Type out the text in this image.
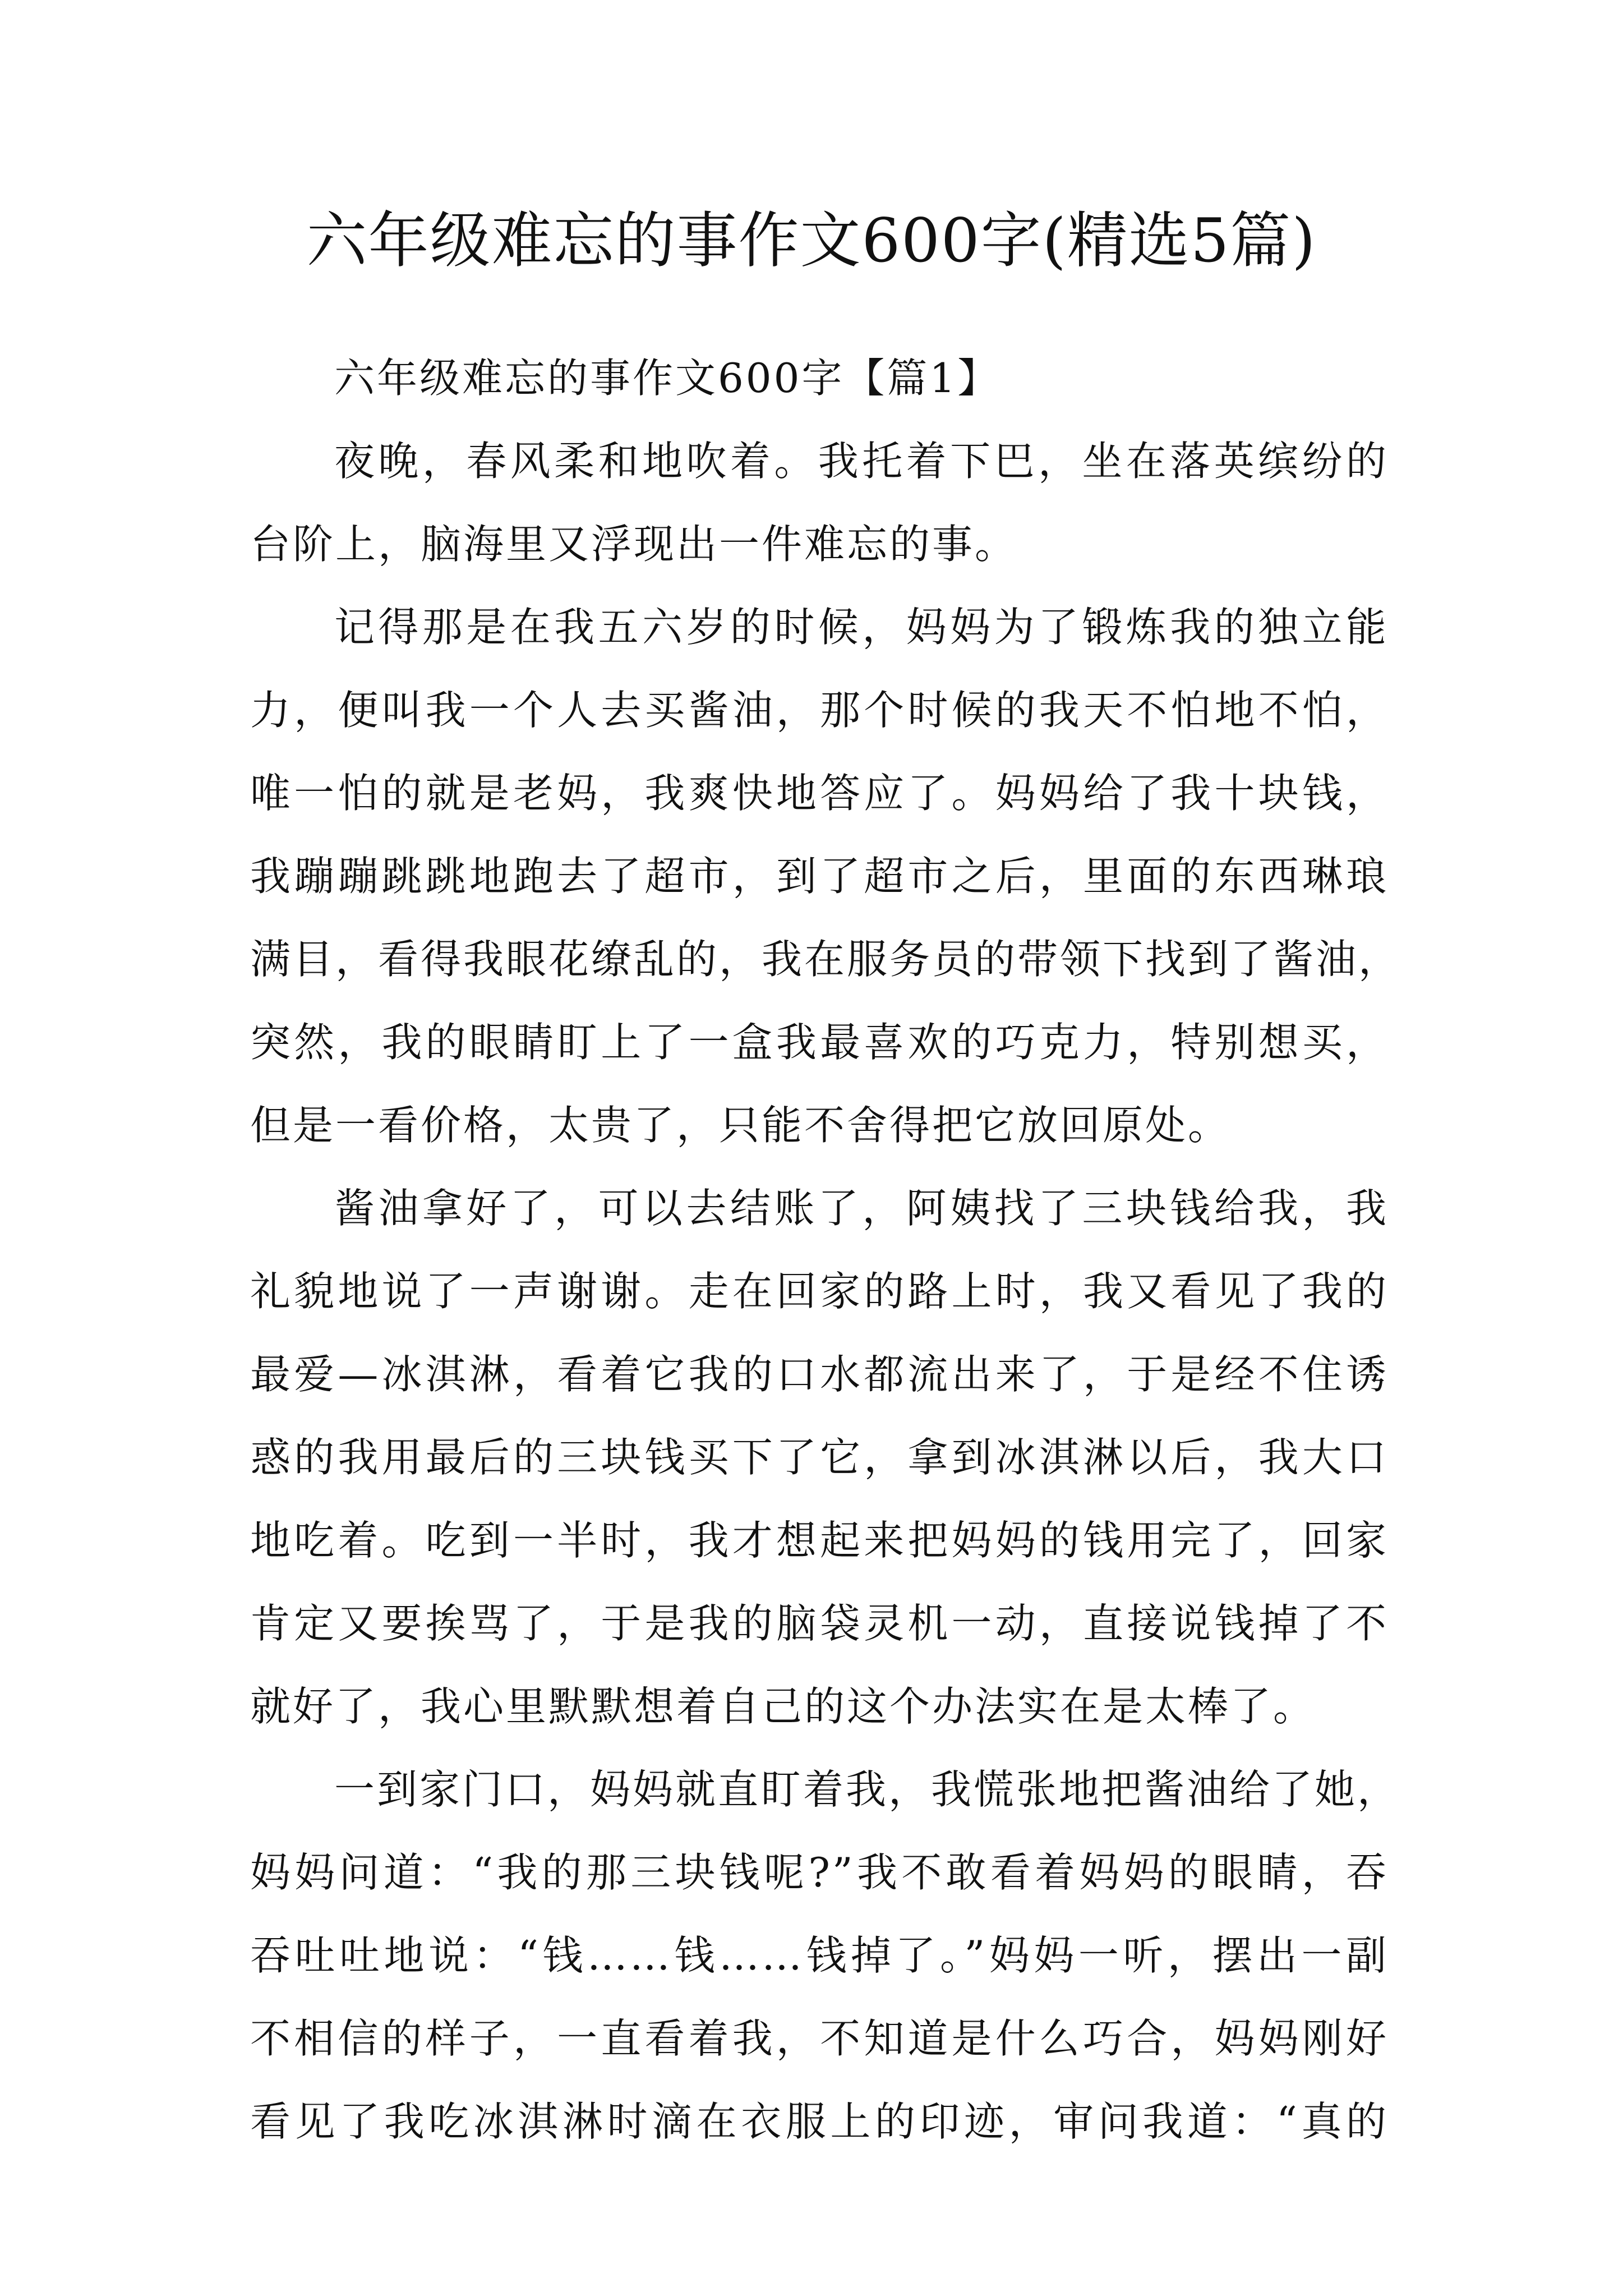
六年级难忘的事作文600字(精选5篇)

六年级难忘的事作文600字【篇1】

夜晚，春风柔和地吹着。我托着下巴，坐在落英缤纷的

台阶上，脑海里又浮现出一件难忘的事。

记得那是在我五六岁的时候，妈妈为了锻炼我的独立能

力，便叫我一个人去买酱油，那个时候的我天不怕地不怕，

唯一怕的就是老妈，我爽快地答应了。妈妈给了我十块钱，

我蹦蹦跳跳地跑去了超市，到了超市之后，里面的东西琳琅

满目，看得我眼花缭乱的，我在服务员的带领下找到了酱油，

突然，我的眼睛盯上了一盒我最喜欢的巧克力，特别想买，

但是一看价格，太贵了，只能不舍得把它放回原处。

酱油拿好了，可以去结账了，阿姨找了三块钱给我，我

礼貌地说了一声谢谢。走在回家的路上时，我又看见了我的

最爱—冰淇淋，看着它我的口水都流出来了，于是经不住诱

惑的我用最后的三块钱买下了它，拿到冰淇淋以后，我大口

地吃着。吃到一半时，我才想起来把妈妈的钱用完了，回家

肯定又要挨骂了，于是我的脑袋灵机一动，直接说钱掉了不

就好了，我心里默默想着自己的这个办法实在是太棒了。

一到家门口，妈妈就直盯着我，我慌张地把酱油给了她，

妈妈问道：“我的那三块钱呢?”我不敢看着妈妈的眼睛，吞

吞吐吐地说：“钱……钱……钱掉了。”妈妈一听，摆出一副

不相信的样子，一直看着我，不知道是什么巧合，妈妈刚好

看见了我吃冰淇淋时滴在衣服上的印迹，审问我道：“真的
